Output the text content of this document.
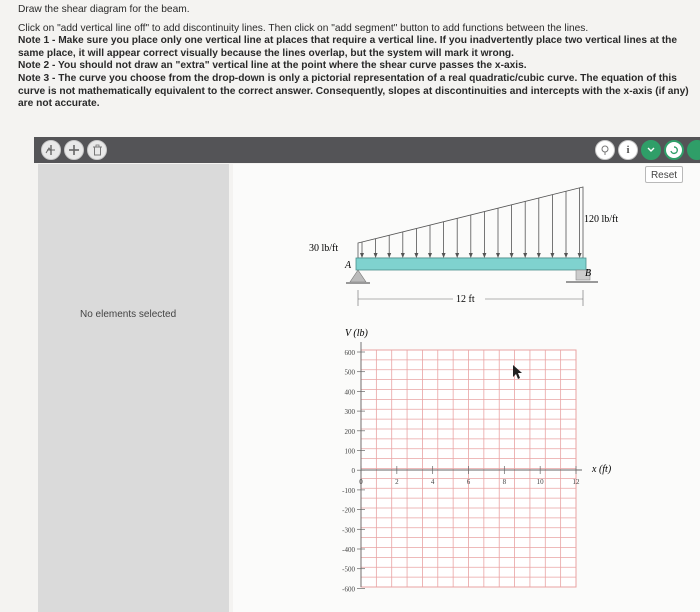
Draw the shear diagram for the beam.

Click on "add vertical line off" to add discontinuity lines. Then click on "add segment" button to add functions between the lines.

Note 1 - Make sure you place only one vertical line at places that require a vertical line. If you inadvertently place two vertical lines at the same place, it will appear correct visually because the lines overlap, but the system will mark it wrong.

Note 2 - You should not draw an "extra" vertical line at the point where the shear curve passes the x-axis.

Note 3 - The curve you choose from the drop-down is only a pictorial representation of a real quadratic/cubic curve. The equation of this curve is not mathematically equivalent to the correct answer. Consequently, slopes at discontinuities and intercepts with the x-axis (if any) are not accurate.

i
No elements selected
Reset
30 lb/ft
120 lb/ft
A
B
12 ft
V (lb)
600
500
400
300
200
100
0
-100
-200
-300
-400
-500
-600
0	2	4	6	8	10	12
x (ft)
